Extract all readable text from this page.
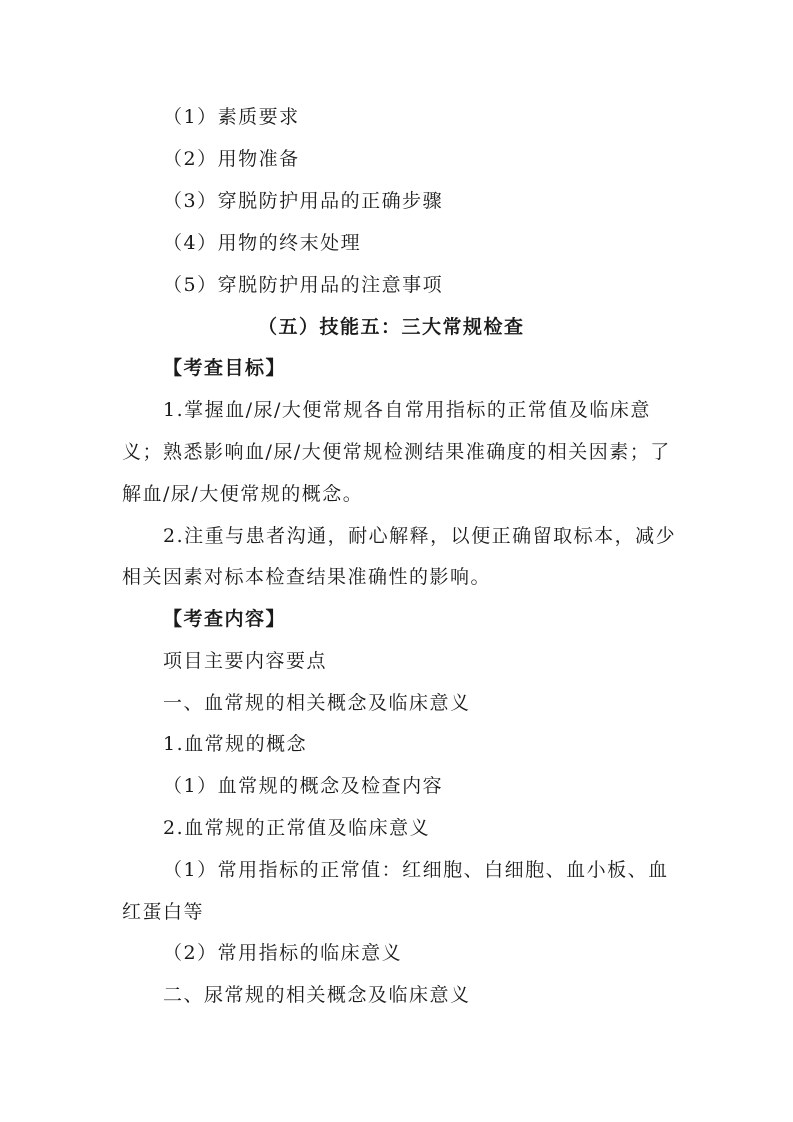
（1）素质要求
（2）用物准备
（3）穿脱防护用品的正确步骤
（4）用物的终末处理
（5）穿脱防护用品的注意事项
（五）技能五：三大常规检查
【考查目标】
1.掌握血/尿/大便常规各自常用指标的正常值及临床意
义；熟悉影响血/尿/大便常规检测结果准确度的相关因素；了
解血/尿/大便常规的概念。
2.注重与患者沟通，耐心解释，以便正确留取标本，减少
相关因素对标本检查结果准确性的影响。
【考查内容】
项目主要内容要点
一、血常规的相关概念及临床意义
1.血常规的概念
（1）血常规的概念及检查内容
2.血常规的正常值及临床意义
（1）常用指标的正常值：红细胞、白细胞、血小板、血
红蛋白等
（2）常用指标的临床意义
二、尿常规的相关概念及临床意义
